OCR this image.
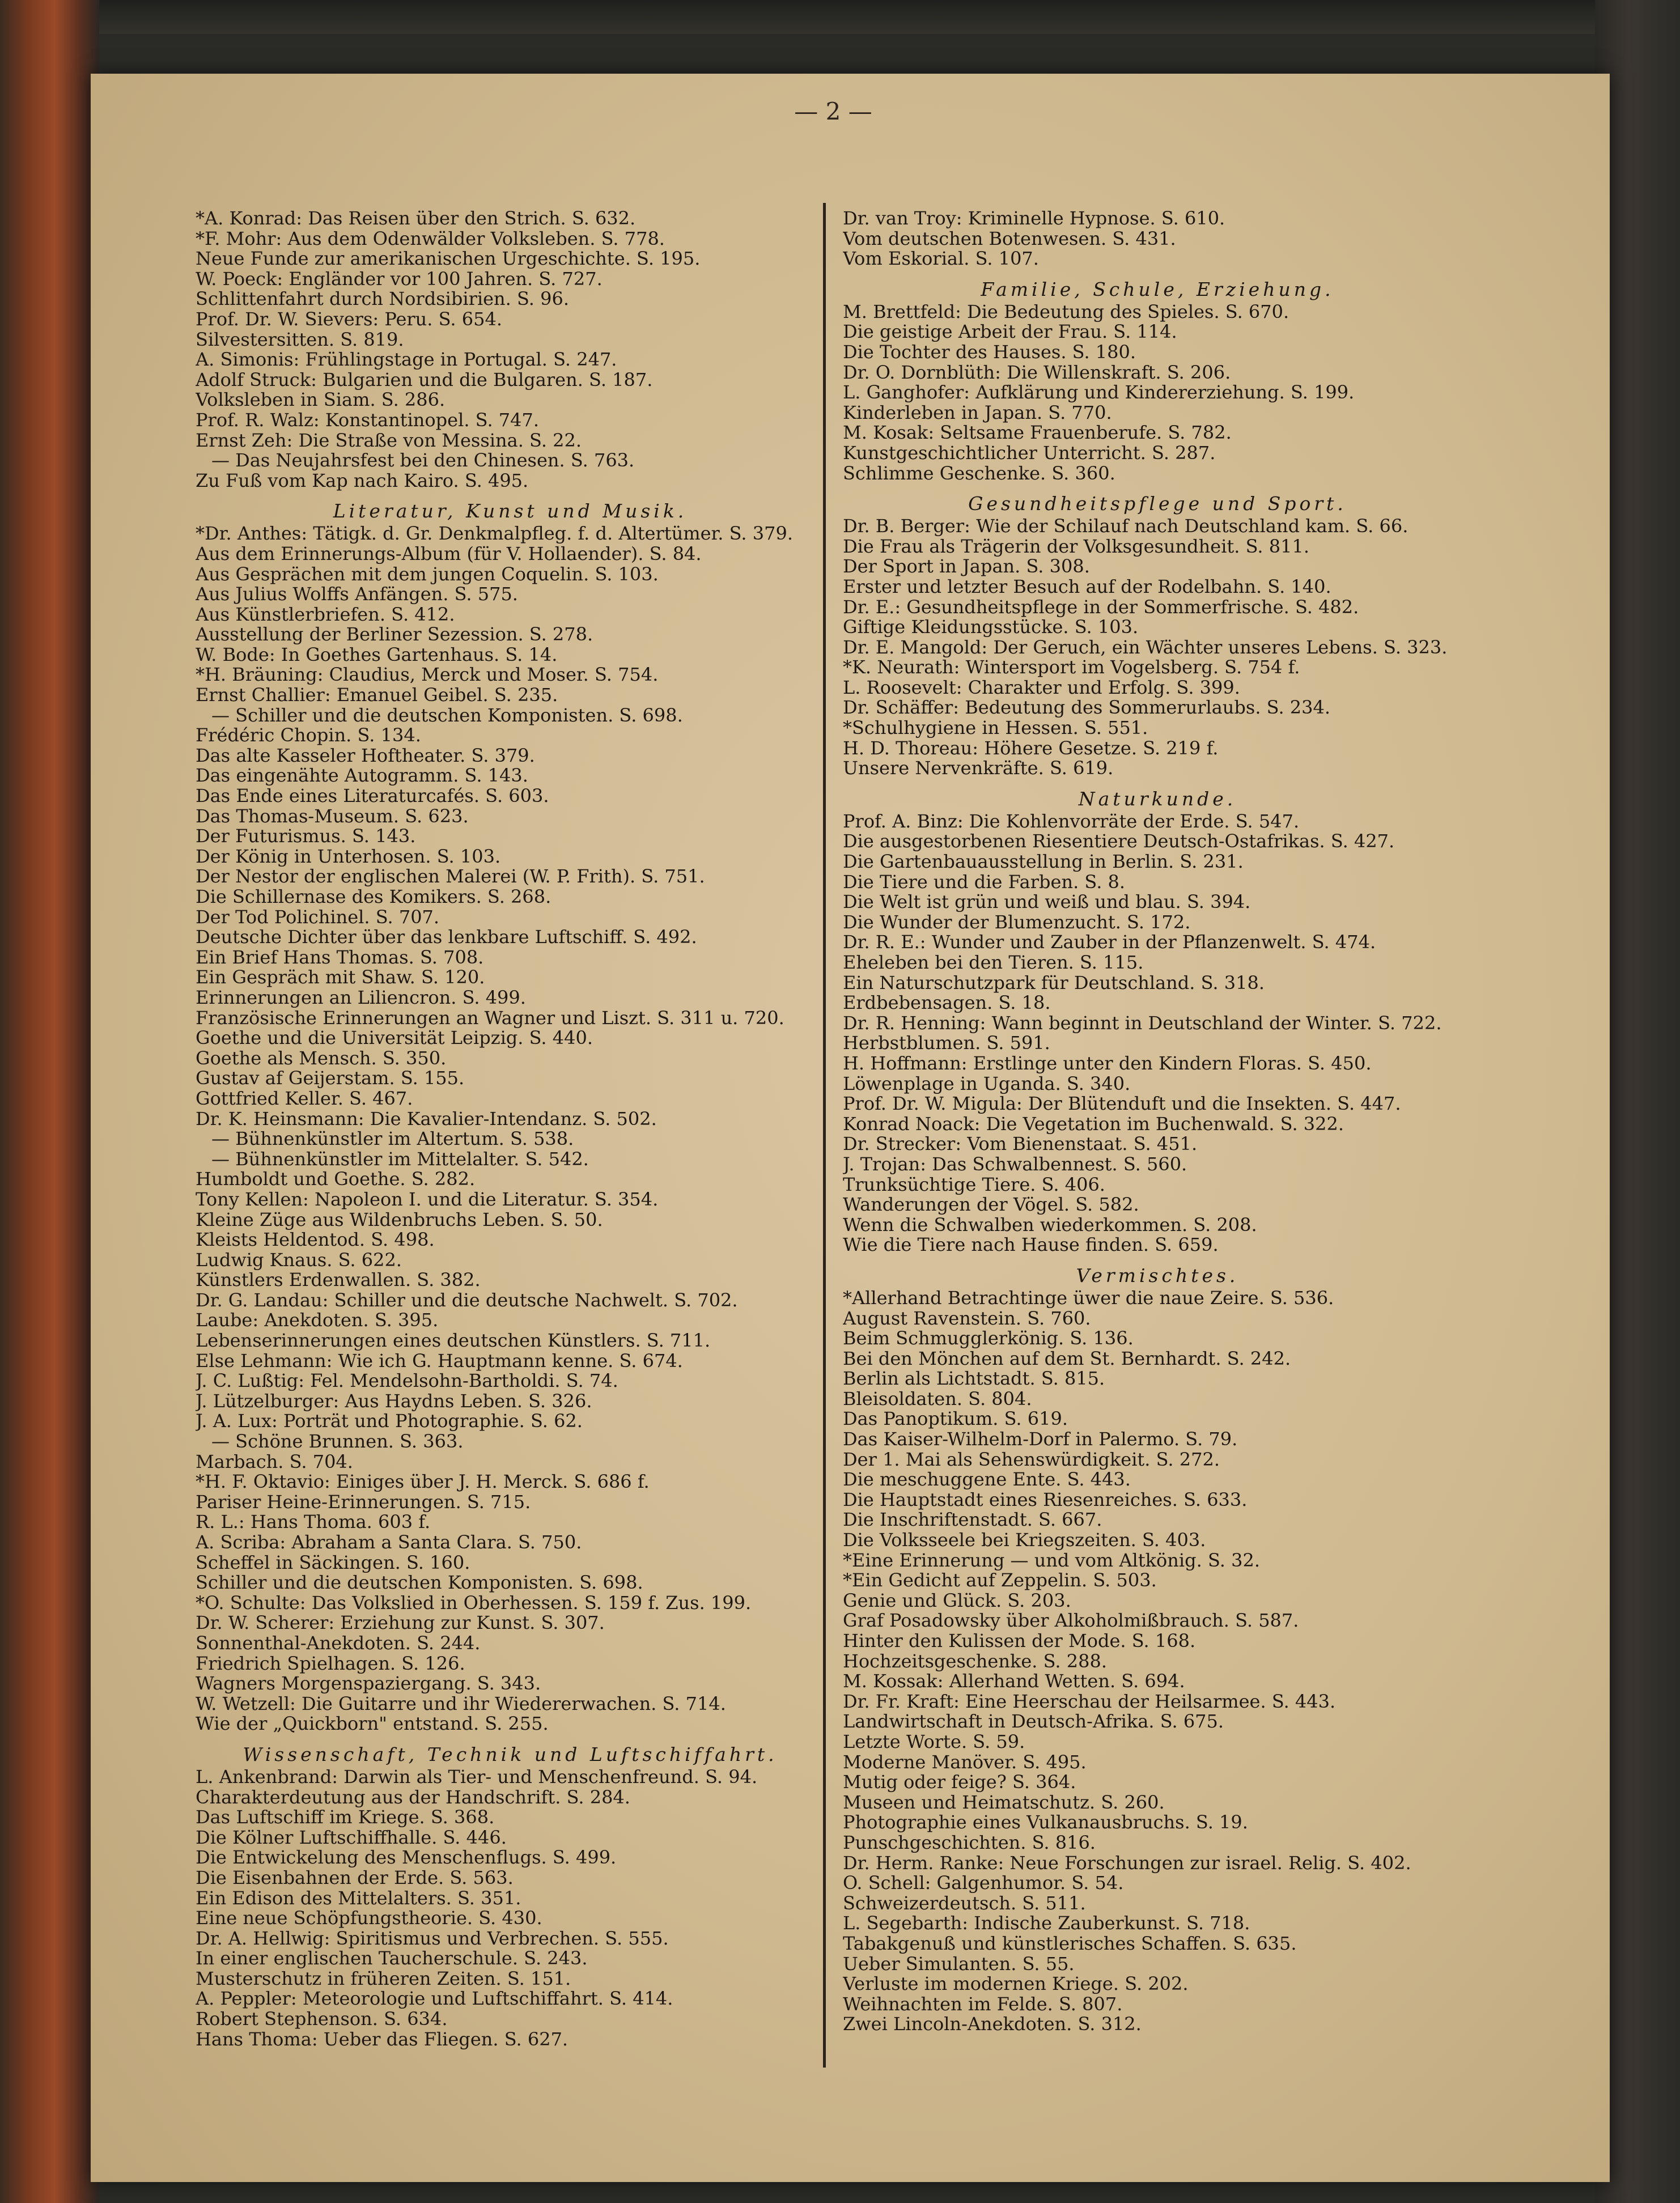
— 2 —
*A. Konrad: Das Reisen über den Strich. S. 632.
*F. Mohr: Aus dem Odenwälder Volksleben. S. 778.
Neue Funde zur amerikanischen Urgeschichte. S. 195.
W. Poeck: Engländer vor 100 Jahren. S. 727.
Schlittenfahrt durch Nordsibirien. S. 96.
Prof. Dr. W. Sievers: Peru. S. 654.
Silvestersitten. S. 819.
A. Simonis: Frühlingstage in Portugal. S. 247.
Adolf Struck: Bulgarien und die Bulgaren. S. 187.
Volksleben in Siam. S. 286.
Prof. R. Walz: Konstantinopel. S. 747.
Ernst Zeh: Die Straße von Messina. S. 22.
— Das Neujahrsfest bei den Chinesen. S. 763.
Zu Fuß vom Kap nach Kairo. S. 495.
Literatur, Kunst und Musik.
*Dr. Anthes: Tätigk. d. Gr. Denkmalpfleg. f. d. Altertümer. S. 379.
Aus dem Erinnerungs-Album (für V. Hollaender). S. 84.
Aus Gesprächen mit dem jungen Coquelin. S. 103.
Aus Julius Wolffs Anfängen. S. 575.
Aus Künstlerbriefen. S. 412.
Ausstellung der Berliner Sezession. S. 278.
W. Bode: In Goethes Gartenhaus. S. 14.
*H. Bräuning: Claudius, Merck und Moser. S. 754.
Ernst Challier: Emanuel Geibel. S. 235.
— Schiller und die deutschen Komponisten. S. 698.
Frédéric Chopin. S. 134.
Das alte Kasseler Hoftheater. S. 379.
Das eingenähte Autogramm. S. 143.
Das Ende eines Literaturcafés. S. 603.
Das Thomas-Museum. S. 623.
Der Futurismus. S. 143.
Der König in Unterhosen. S. 103.
Der Nestor der englischen Malerei (W. P. Frith). S. 751.
Die Schillernase des Komikers. S. 268.
Der Tod Polichinel. S. 707.
Deutsche Dichter über das lenkbare Luftschiff. S. 492.
Ein Brief Hans Thomas. S. 708.
Ein Gespräch mit Shaw. S. 120.
Erinnerungen an Liliencron. S. 499.
Französische Erinnerungen an Wagner und Liszt. S. 311 u. 720.
Goethe und die Universität Leipzig. S. 440.
Goethe als Mensch. S. 350.
Gustav af Geijerstam. S. 155.
Gottfried Keller. S. 467.
Dr. K. Heinsmann: Die Kavalier-Intendanz. S. 502.
— Bühnenkünstler im Altertum. S. 538.
— Bühnenkünstler im Mittelalter. S. 542.
Humboldt und Goethe. S. 282.
Tony Kellen: Napoleon I. und die Literatur. S. 354.
Kleine Züge aus Wildenbruchs Leben. S. 50.
Kleists Heldentod. S. 498.
Ludwig Knaus. S. 622.
Künstlers Erdenwallen. S. 382.
Dr. G. Landau: Schiller und die deutsche Nachwelt. S. 702.
Laube: Anekdoten. S. 395.
Lebenserinnerungen eines deutschen Künstlers. S. 711.
Else Lehmann: Wie ich G. Hauptmann kenne. S. 674.
J. C. Lußtig: Fel. Mendelsohn-Bartholdi. S. 74.
J. Lützelburger: Aus Haydns Leben. S. 326.
J. A. Lux: Porträt und Photographie. S. 62.
— Schöne Brunnen. S. 363.
Marbach. S. 704.
*H. F. Oktavio: Einiges über J. H. Merck. S. 686 f.
Pariser Heine-Erinnerungen. S. 715.
R. L.: Hans Thoma. 603 f.
A. Scriba: Abraham a Santa Clara. S. 750.
Scheffel in Säckingen. S. 160.
Schiller und die deutschen Komponisten. S. 698.
*O. Schulte: Das Volkslied in Oberhessen. S. 159 f. Zus. 199.
Dr. W. Scherer: Erziehung zur Kunst. S. 307.
Sonnenthal-Anekdoten. S. 244.
Friedrich Spielhagen. S. 126.
Wagners Morgenspaziergang. S. 343.
W. Wetzell: Die Guitarre und ihr Wiedererwachen. S. 714.
Wie der „Quickborn" entstand. S. 255.
Wissenschaft, Technik und Luftschiffahrt.
L. Ankenbrand: Darwin als Tier- und Menschenfreund. S. 94.
Charakterdeutung aus der Handschrift. S. 284.
Das Luftschiff im Kriege. S. 368.
Die Kölner Luftschiffhalle. S. 446.
Die Entwickelung des Menschenflugs. S. 499.
Die Eisenbahnen der Erde. S. 563.
Ein Edison des Mittelalters. S. 351.
Eine neue Schöpfungstheorie. S. 430.
Dr. A. Hellwig: Spiritismus und Verbrechen. S. 555.
In einer englischen Taucherschule. S. 243.
Musterschutz in früheren Zeiten. S. 151.
A. Peppler: Meteorologie und Luftschiffahrt. S. 414.
Robert Stephenson. S. 634.
Hans Thoma: Ueber das Fliegen. S. 627.
Dr. van Troy: Kriminelle Hypnose. S. 610.
Vom deutschen Botenwesen. S. 431.
Vom Eskorial. S. 107.
Familie, Schule, Erziehung.
M. Brettfeld: Die Bedeutung des Spieles. S. 670.
Die geistige Arbeit der Frau. S. 114.
Die Tochter des Hauses. S. 180.
Dr. O. Dornblüth: Die Willenskraft. S. 206.
L. Ganghofer: Aufklärung und Kindererziehung. S. 199.
Kinderleben in Japan. S. 770.
M. Kosak: Seltsame Frauenberufe. S. 782.
Kunstgeschichtlicher Unterricht. S. 287.
Schlimme Geschenke. S. 360.
Gesundheitspflege und Sport.
Dr. B. Berger: Wie der Schilauf nach Deutschland kam. S. 66.
Die Frau als Trägerin der Volksgesundheit. S. 811.
Der Sport in Japan. S. 308.
Erster und letzter Besuch auf der Rodelbahn. S. 140.
Dr. E.: Gesundheitspflege in der Sommerfrische. S. 482.
Giftige Kleidungsstücke. S. 103.
Dr. E. Mangold: Der Geruch, ein Wächter unseres Lebens. S. 323.
*K. Neurath: Wintersport im Vogelsberg. S. 754 f.
L. Roosevelt: Charakter und Erfolg. S. 399.
Dr. Schäffer: Bedeutung des Sommerurlaubs. S. 234.
*Schulhygiene in Hessen. S. 551.
H. D. Thoreau: Höhere Gesetze. S. 219 f.
Unsere Nervenkräfte. S. 619.
Naturkunde.
Prof. A. Binz: Die Kohlenvorräte der Erde. S. 547.
Die ausgestorbenen Riesentiere Deutsch-Ostafrikas. S. 427.
Die Gartenbauausstellung in Berlin. S. 231.
Die Tiere und die Farben. S. 8.
Die Welt ist grün und weiß und blau. S. 394.
Die Wunder der Blumenzucht. S. 172.
Dr. R. E.: Wunder und Zauber in der Pflanzenwelt. S. 474.
Eheleben bei den Tieren. S. 115.
Ein Naturschutzpark für Deutschland. S. 318.
Erdbebensagen. S. 18.
Dr. R. Henning: Wann beginnt in Deutschland der Winter. S. 722.
Herbstblumen. S. 591.
H. Hoffmann: Erstlinge unter den Kindern Floras. S. 450.
Löwenplage in Uganda. S. 340.
Prof. Dr. W. Migula: Der Blütenduft und die Insekten. S. 447.
Konrad Noack: Die Vegetation im Buchenwald. S. 322.
Dr. Strecker: Vom Bienenstaat. S. 451.
J. Trojan: Das Schwalbennest. S. 560.
Trunksüchtige Tiere. S. 406.
Wanderungen der Vögel. S. 582.
Wenn die Schwalben wiederkommen. S. 208.
Wie die Tiere nach Hause finden. S. 659.
Vermischtes.
*Allerhand Betrachtinge üwer die naue Zeire. S. 536.
August Ravenstein. S. 760.
Beim Schmugglerkönig. S. 136.
Bei den Mönchen auf dem St. Bernhardt. S. 242.
Berlin als Lichtstadt. S. 815.
Bleisoldaten. S. 804.
Das Panoptikum. S. 619.
Das Kaiser-Wilhelm-Dorf in Palermo. S. 79.
Der 1. Mai als Sehenswürdigkeit. S. 272.
Die meschuggene Ente. S. 443.
Die Hauptstadt eines Riesenreiches. S. 633.
Die Inschriftenstadt. S. 667.
Die Volksseele bei Kriegszeiten. S. 403.
*Eine Erinnerung — und vom Altkönig. S. 32.
*Ein Gedicht auf Zeppelin. S. 503.
Genie und Glück. S. 203.
Graf Posadowsky über Alkoholmißbrauch. S. 587.
Hinter den Kulissen der Mode. S. 168.
Hochzeitsgeschenke. S. 288.
M. Kossak: Allerhand Wetten. S. 694.
Dr. Fr. Kraft: Eine Heerschau der Heilsarmee. S. 443.
Landwirtschaft in Deutsch-Afrika. S. 675.
Letzte Worte. S. 59.
Moderne Manöver. S. 495.
Mutig oder feige? S. 364.
Museen und Heimatschutz. S. 260.
Photographie eines Vulkanausbruchs. S. 19.
Punschgeschichten. S. 816.
Dr. Herm. Ranke: Neue Forschungen zur israel. Relig. S. 402.
O. Schell: Galgenhumor. S. 54.
Schweizerdeutsch. S. 511.
L. Segebarth: Indische Zauberkunst. S. 718.
Tabakgenuß und künstlerisches Schaffen. S. 635.
Ueber Simulanten. S. 55.
Verluste im modernen Kriege. S. 202.
Weihnachten im Felde. S. 807.
Zwei Lincoln-Anekdoten. S. 312.
